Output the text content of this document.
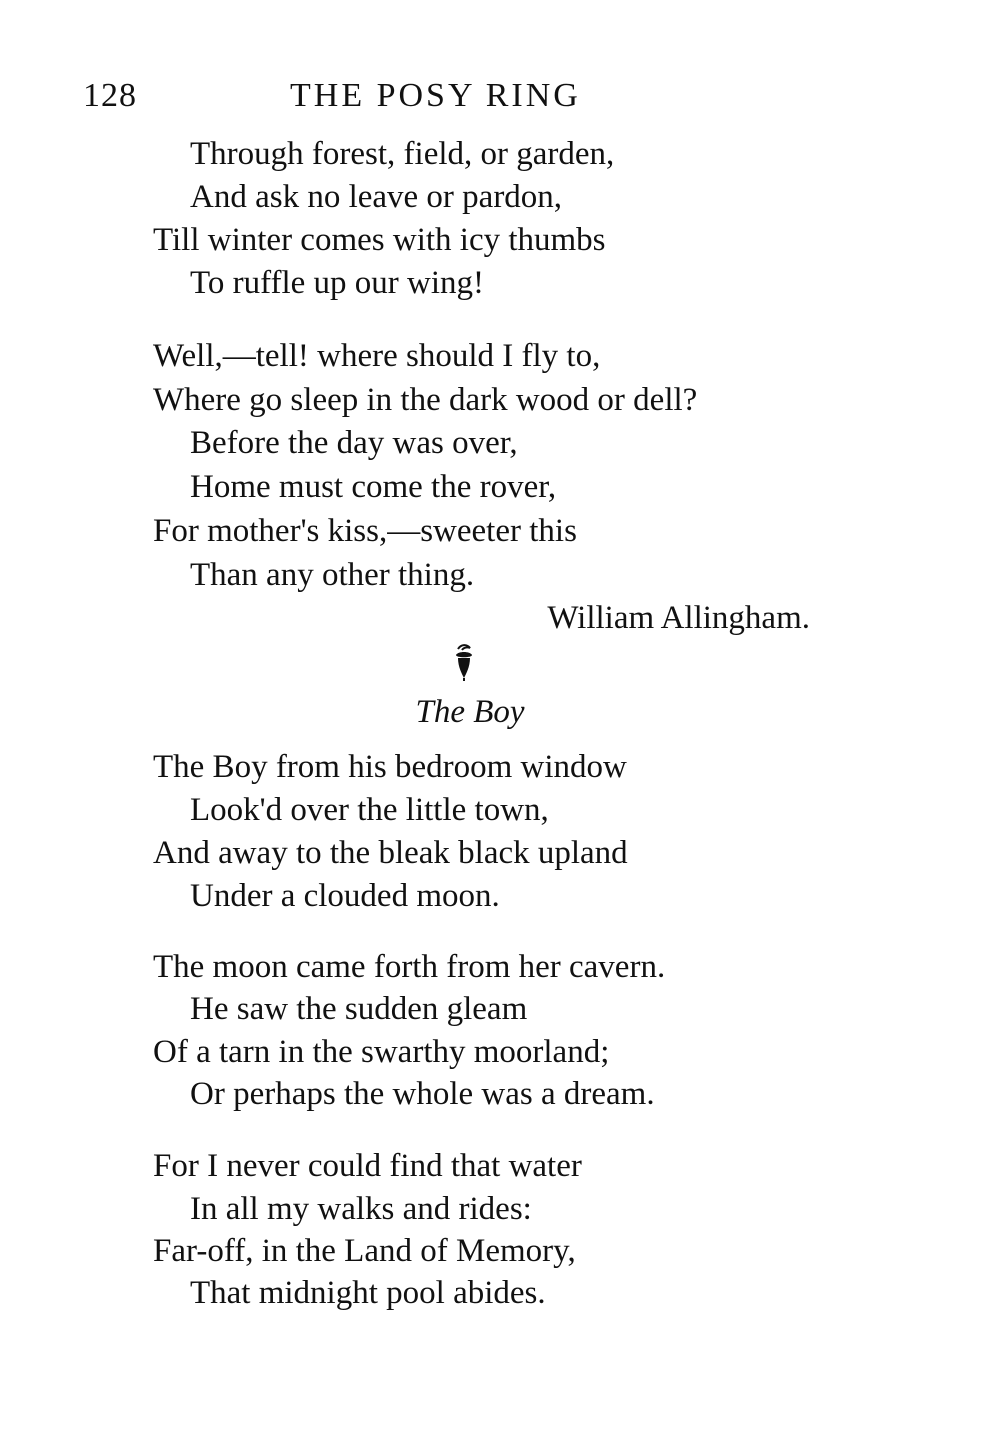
128	THE POSY RING
Through forest, field, or garden,
And ask no leave or pardon,
Till winter comes with icy thumbs
To ruffle up our wing!
Well,—tell! where should I fly to,
Where go sleep in the dark wood or dell?
Before the day was over,
Home must come the rover,
For mother's kiss,—sweeter this
Than any other thing.
William Allingham.
The Boy
The Boy from his bedroom window
Look'd over the little town,
And away to the bleak black upland
Under a clouded moon.
The moon came forth from her cavern.
He saw the sudden gleam
Of a tarn in the swarthy moorland;
Or perhaps the whole was a dream.
For I never could find that water
In all my walks and rides:
Far-off, in the Land of Memory,
That midnight pool abides.
